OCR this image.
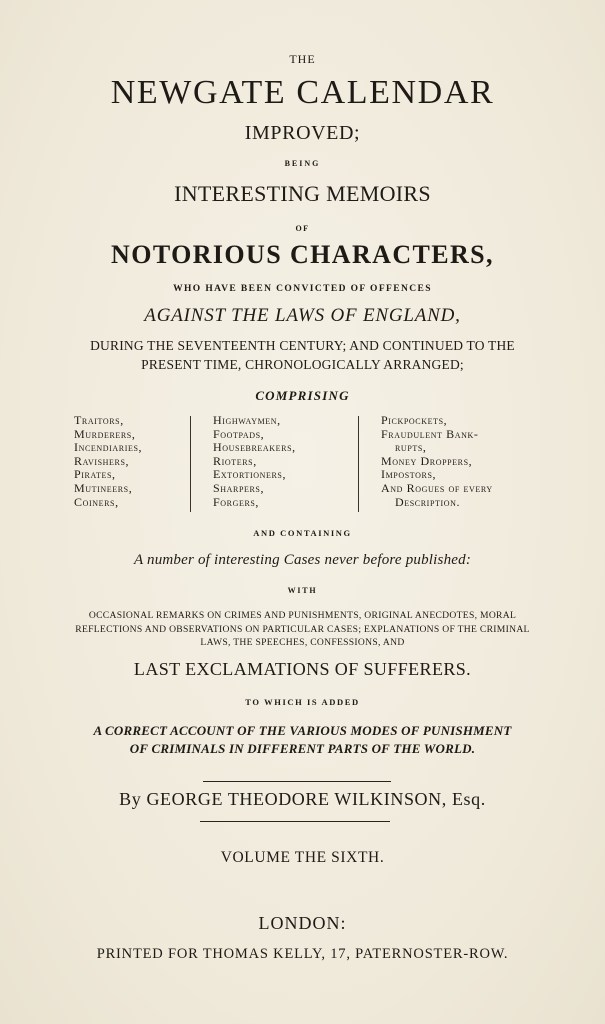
THE
NEWGATE CALENDAR
IMPROVED;
BEING
INTERESTING MEMOIRS
OF
NOTORIOUS CHARACTERS,
WHO HAVE BEEN CONVICTED OF OFFENCES
AGAINST THE LAWS OF ENGLAND,
DURING THE SEVENTEENTH CENTURY; AND CONTINUED TO THE
PRESENT TIME, CHRONOLOGICALLY ARRANGED;
COMPRISING
Traitors,
Murderers,
Incendiaries,
Ravishers,
Pirates,
Mutineers,
Coiners,
Highwaymen,
Footpads,
Housebreakers,
Rioters,
Extortioners,
Sharpers,
Forgers,
Pickpockets,
Fraudulent Bank-
rupts,
Money Droppers,
Impostors,
And Rogues of every
Description.
AND CONTAINING
A number of interesting Cases never before published:
WITH
OCCASIONAL REMARKS ON CRIMES AND PUNISHMENTS, ORIGINAL ANECDOTES, MORAL REFLECTIONS AND OBSERVATIONS ON PARTICULAR CASES; EXPLANATIONS OF THE CRIMINAL LAWS, THE SPEECHES, CONFESSIONS, AND
LAST EXCLAMATIONS OF SUFFERERS.
TO WHICH IS ADDED
A CORRECT ACCOUNT OF THE VARIOUS MODES OF PUNISHMENT
OF CRIMINALS IN DIFFERENT PARTS OF THE WORLD.
By GEORGE THEODORE WILKINSON, Esq.
VOLUME THE SIXTH.
LONDON:
PRINTED FOR THOMAS KELLY, 17, PATERNOSTER-ROW.
